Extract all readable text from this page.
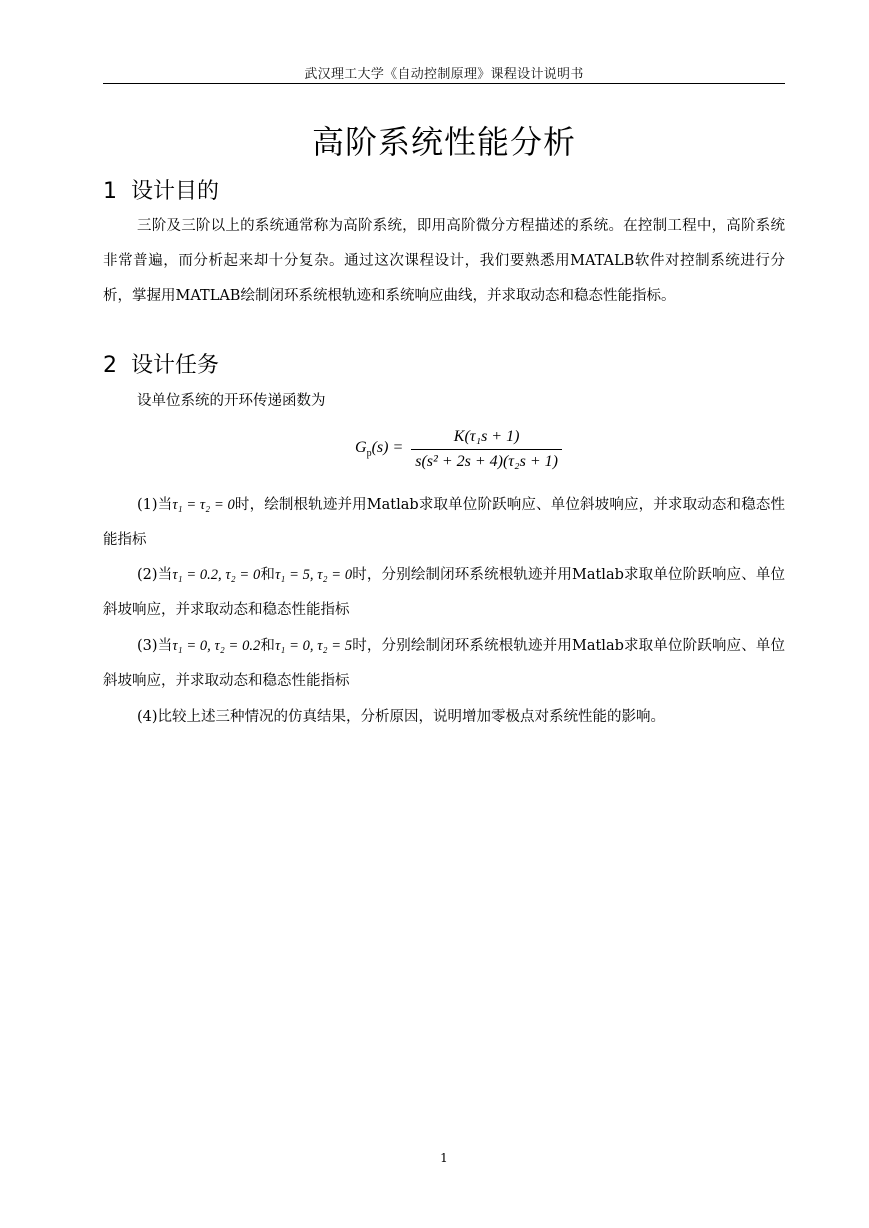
武汉理工大学《自动控制原理》课程设计说明书
高阶系统性能分析
1 设计目的

三阶及三阶以上的系统通常称为高阶系统，即用高阶微分方程描述的系统。在控制工程中，高阶系统非常普遍，而分析起来却十分复杂。通过这次课程设计，我们要熟悉用MATALB软件对控制系统进行分析，掌握用MATLAB绘制闭环系统根轨迹和系统响应曲线，并求取动态和稳态性能指标。

2 设计任务

设单位系统的开环传递函数为

$G_p(s) = \frac{\text{K(τ₁s + 1)}}{\text{s(s² + 2s + 4)(τ₂s + 1)}}$

(1)当τ₁ = τ₂ = 0时，绘制根轨迹并用Matlab求取单位阶跃响应、单位斜坡响应，并求取动态和稳态性能指标

(2)当τ₁ = 0.2, τ₂ = 0和τ₁ = 5, τ₂ = 0时，分别绘制闭环系统根轨迹并用Matlab求取单位阶跃响应、单位斜坡响应，并求取动态和稳态性能指标

(3)当τ₁ = 0, τ₂ = 0.2和τ₁ = 0, τ₂ = 5时，分别绘制闭环系统根轨迹并用Matlab求取单位阶跃响应、单位斜坡响应，并求取动态和稳态性能指标

(4)比较上述三种情况的仿真结果，分析原因，说明增加零极点对系统性能的影响。

1
